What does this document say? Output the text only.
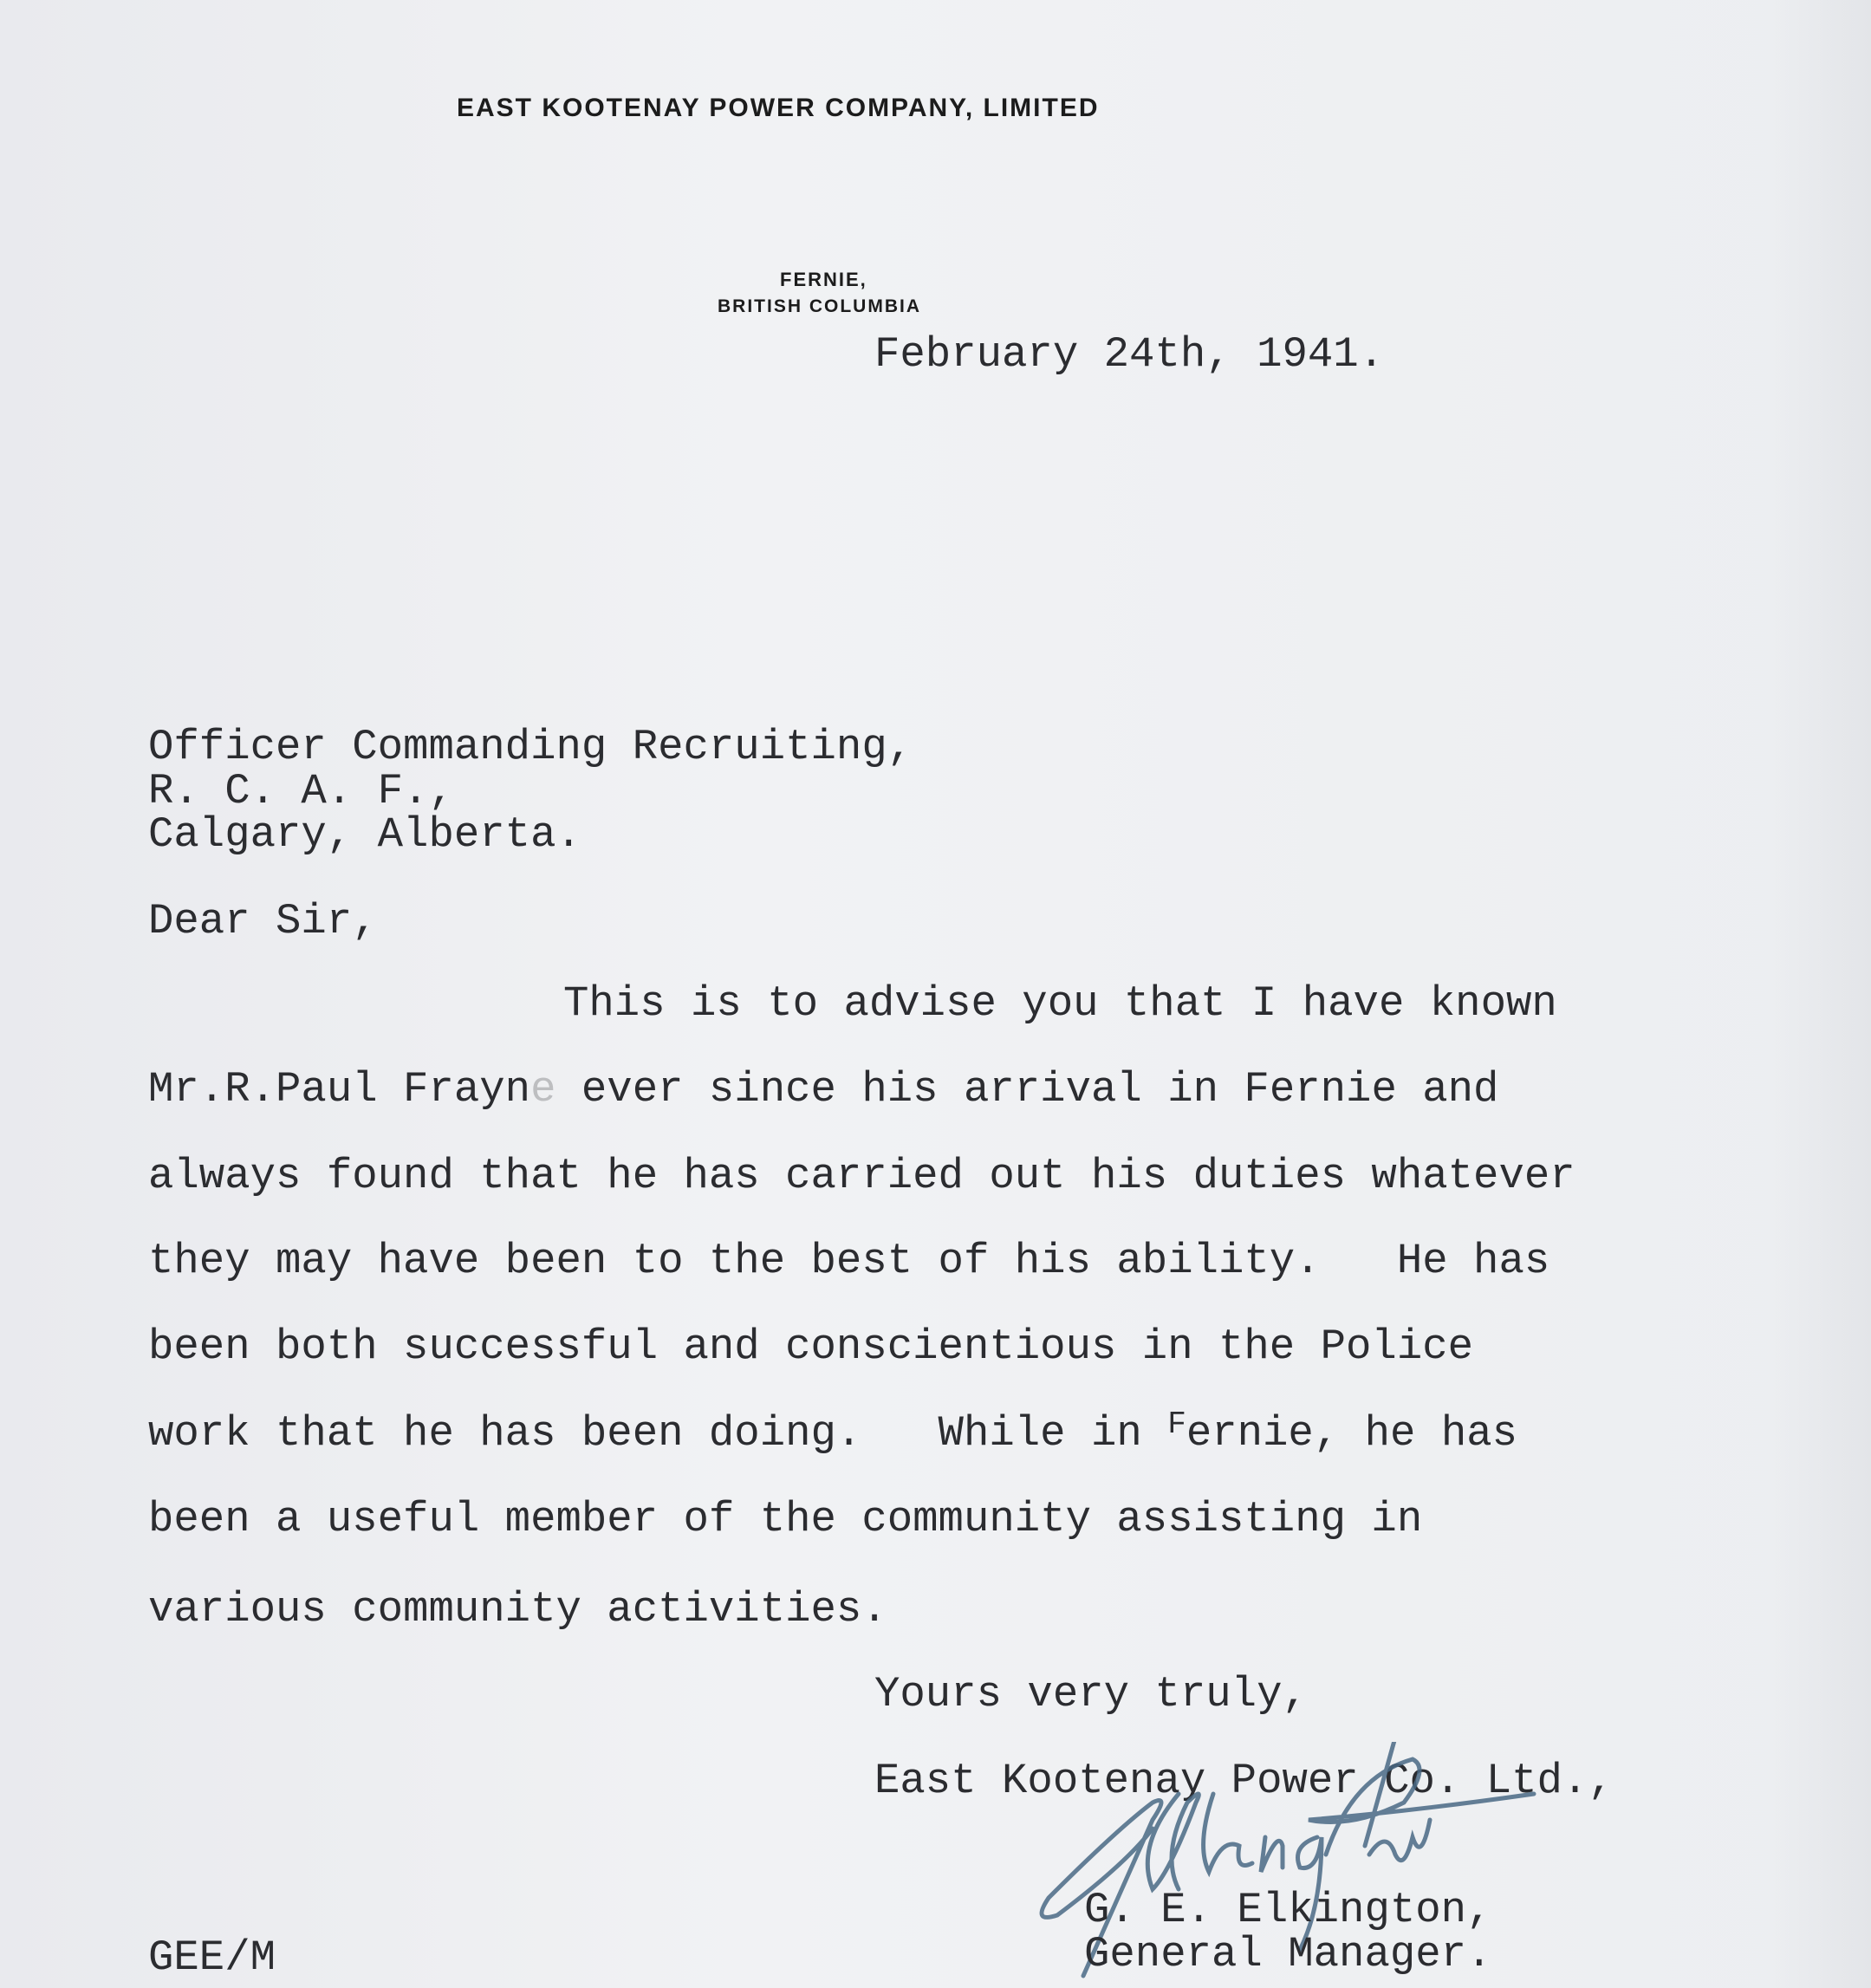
EAST KOOTENAY POWER COMPANY, LIMITED
FERNIE,
BRITISH COLUMBIA
February 24th, 1941.
Officer Commanding Recruiting,
R. C. A. F.,
Calgary, Alberta.
Dear Sir,
This is to advise you that I have known
Mr.R.Paul Frayne ever since his arrival in Fernie and
always found that he has carried out his duties whatever
they may have been to the best of his ability.   He has
been both successful and conscientious in the Police
work that he has been doing.   While in $^F$ernie, he has
been a useful member of the community assisting in
various community activities.
Yours very truly,
East Kootenay Power Co. Ltd.,
G. E. Elkington,
General Manager.
GEE/M
